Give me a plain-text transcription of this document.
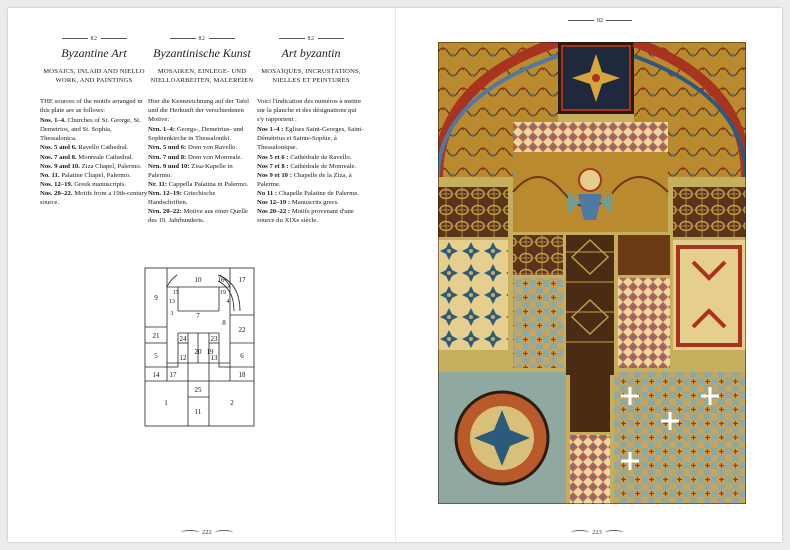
82
Byzantine Art
MOSAICS, INLAID AND NIELLO WORK, AND PAINTINGS
THE sources of the motifs arranged in this plate are as follows:
Nos. 1–4. Churches of St. George, St. Demetrios, and St. Sophia, Thessalonica.
Nos. 5 and 6. Ravello Cathedral.
Nos. 7 and 8. Monreale Cathedral.
Nos. 9 and 10. Ziza Chapel, Palermo.
No. 11. Palatine Chapel, Palermo.
Nos. 12–19. Greek manuscripts.
Nos. 20–22. Motifs from a 19th-century source.
82
Byzantinische Kunst
MOSAIKEN, EINLEGE- UND NIELLOARBEITEN, MALEREIEN
Hier die Kennzeichnung auf der Tafel und die Herkunft der verschiedenen Motive:
Nrn. 1–4: Georgs-, Demetrius- und Sophienkirche in Thessaloniki.
Nrn. 5 und 6: Dom von Ravello.
Nrn. 7 und 8: Dom von Monreale.
Nrn. 9 und 10: Zisa-Kapelle in Palermo.
Nr. 11: Cappella Palatina in Palermo.
Nrn. 12–19: Griechische Handschriften.
Nrn. 20–22: Motive aus einer Quelle des 19. Jahrhunderts.
82
Art byzantin
MOSAÏQUES, INCRUSTATIONS, NIELLES ET PEINTURES
Voici l'indication des numéros à mettre sur la planche et des désignations qui s'y rapportent :
Nos 1–4 : Eglises Saint-Georges, Saint-Démétrius et Sainte-Sophie, à Thessalonique.
Nos 5 et 6 : Cathédrale de Ravello.
Nos 7 et 8 : Cathédrale de Monreale.
Nos 9 et 10 : Chapelle de la Ziza, à Palerme.
No 11 : Chapelle Palatine de Palerme.
Nos 12–19 : Manuscrits grecs.
Nos 20–22 : Motifs provenant d'une source du XIXe siècle.
9
10 16 17
15
13
19
4
3	7
8
21
22
24	23
5	6
12
20 19
13
14 17	18
25
1	2
11
222	223
82
